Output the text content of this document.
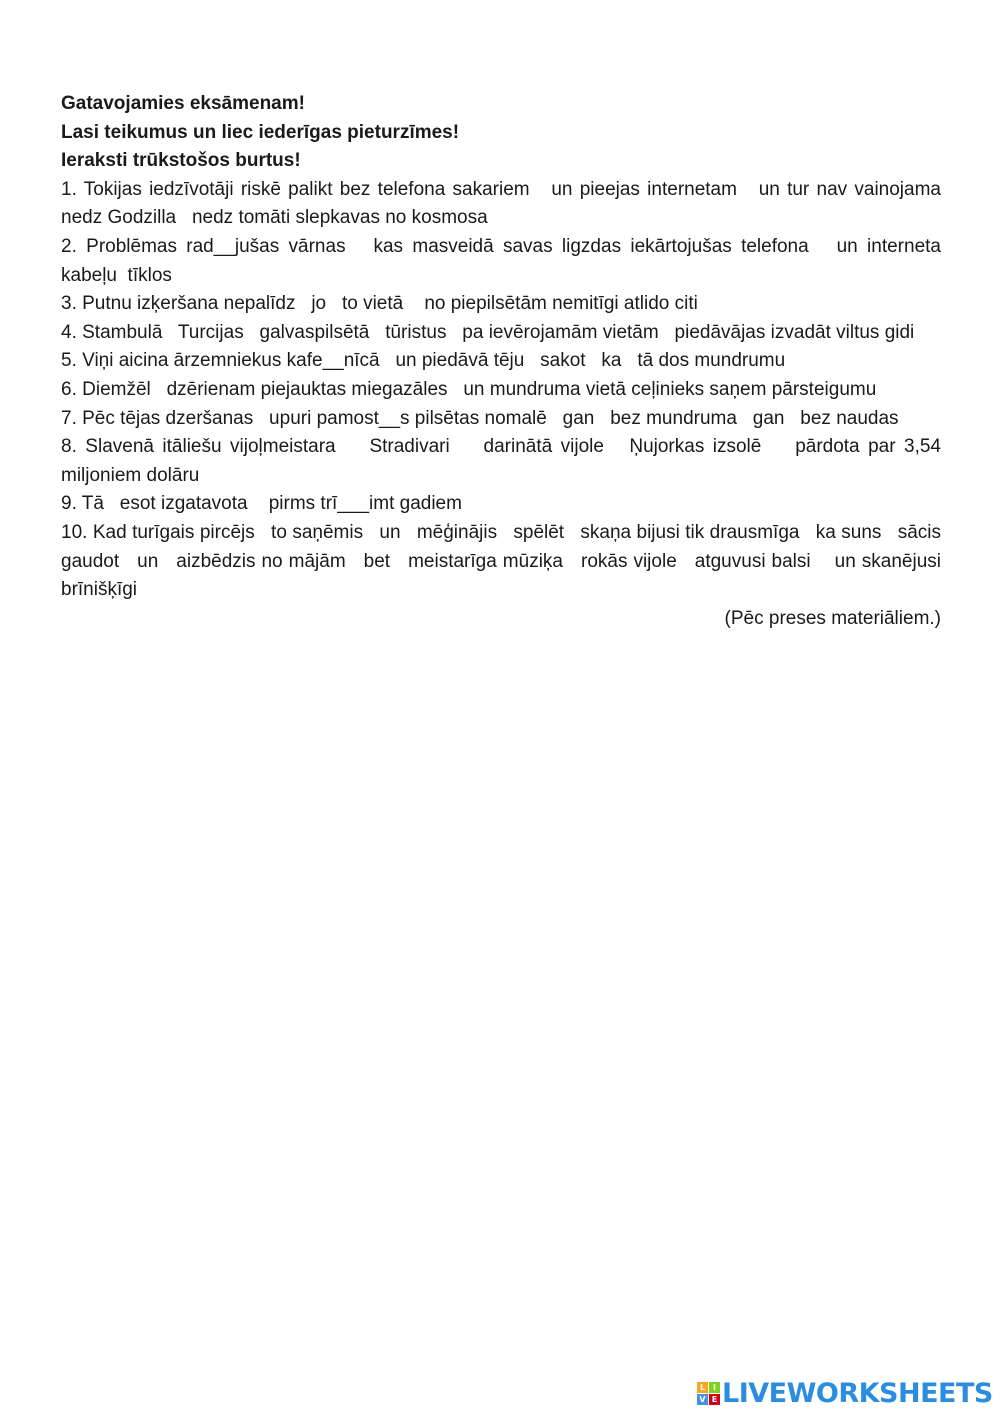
Gatavojamies eksāmenam!

Lasi teikumus un liec iederīgas pieturzīmes!

Ieraksti trūkstošos burtus!

1. Tokijas iedzīvotāji riskē palikt bez telefona sakariem   un pieejas internetam   un tur nav vainojama   nedz Godzilla   nedz tomāti slepkavas no kosmosa

2. Problēmas rad__jušas vārnas   kas masveidā savas ligzdas iekārtojušas telefona   un interneta kabeļu  tīklos

3. Putnu izķeršana nepalīdz   jo   to vietā    no piepilsētām nemitīgi atlido citi

4. Stambulā   Turcijas   galvaspilsētā   tūristus   pa ievērojamām vietām   piedāvājas izvadāt viltus gidi

5. Viņi aicina ārzemniekus kafe__nīcā   un piedāvā tēju   sakot   ka   tā dos mundrumu

6. Diemžēl   dzērienam piejauktas miegazāles   un mundruma vietā ceļinieks saņem pārsteigumu

7. Pēc tējas dzeršanas   upuri pamost__s pilsētas nomalē   gan   bez mundruma   gan   bez naudas

8. Slavenā itāliešu vijoļmeistara    Stradivari    darinātā vijole   Ņujorkas izsolē    pārdota par 3,54   miljoniem dolāru

9. Tā   esot izgatavota    pirms trī___imt gadiem

10. Kad turīgais pircējs   to saņēmis   un   mēģinājis   spēlēt   skaņa bijusi tik drausmīga   ka suns   sācis gaudot   un   aizbēdzis no mājām   bet   meistarīga mūziķa   rokās vijole   atguvusi balsi    un skanējusi brīnišķīgi

(Pēc preses materiāliem.)

L	i
V E LIVEWORKSHEETS
